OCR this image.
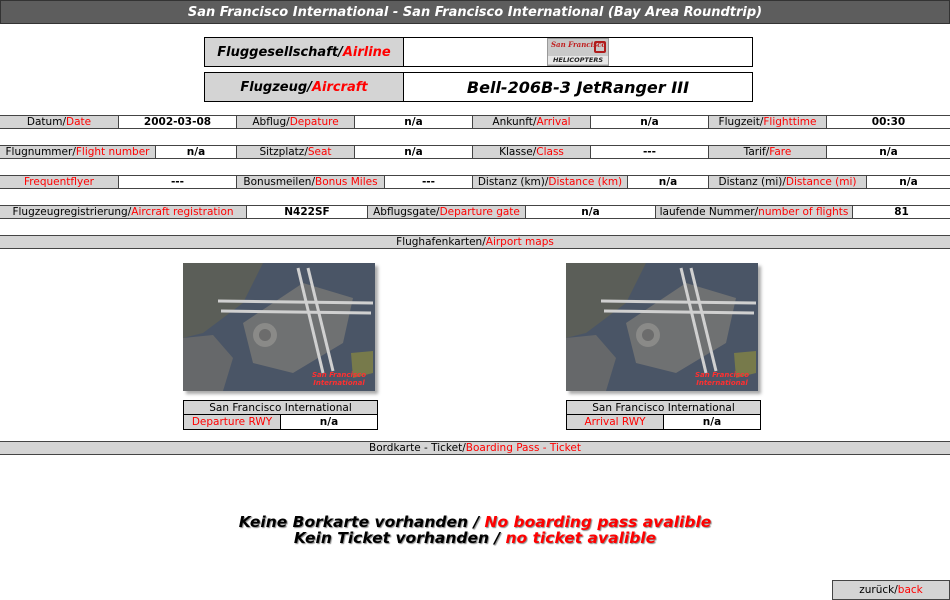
San Francisco International - San Francisco International (Bay Area Roundtrip)
Fluggesellschaft / Airline	San Francisco
HELICOPTERS
Flugzeug / Aircraft	Bell-206B-3 JetRanger III
Datum / Date	2002-03-08	Abflug / Depature	n/a	Ankunft / Arrival	n/a	Flugzeit / Flighttime	00:30
Flugnummer / Flight number	n/a	Sitzplatz / Seat	n/a	Klasse / Class	---	Tarif / Fare	n/a
Frequentflyer	---	Bonusmeilen / Bonus Miles	---	Distanz (km) / Distance (km)	n/a	Distanz (mi) / Distance (mi)	n/a
Flugzeugregistrierung / Aircraft registration	N422SF	Abflugsgate / Departure gate	n/a	laufende Nummer / number of flights	81
Flughafenkarten / Airport maps
San Francisco International
San Francisco International
Departure RWY	n/a
San Francisco International
San Francisco International
Arrival RWY	n/a
Bordkarte - Ticket / Boarding Pass - Ticket
Keine Borkarte vorhanden / No boarding pass avalible
Kein Ticket vorhanden / no ticket avalible
zurück / back
